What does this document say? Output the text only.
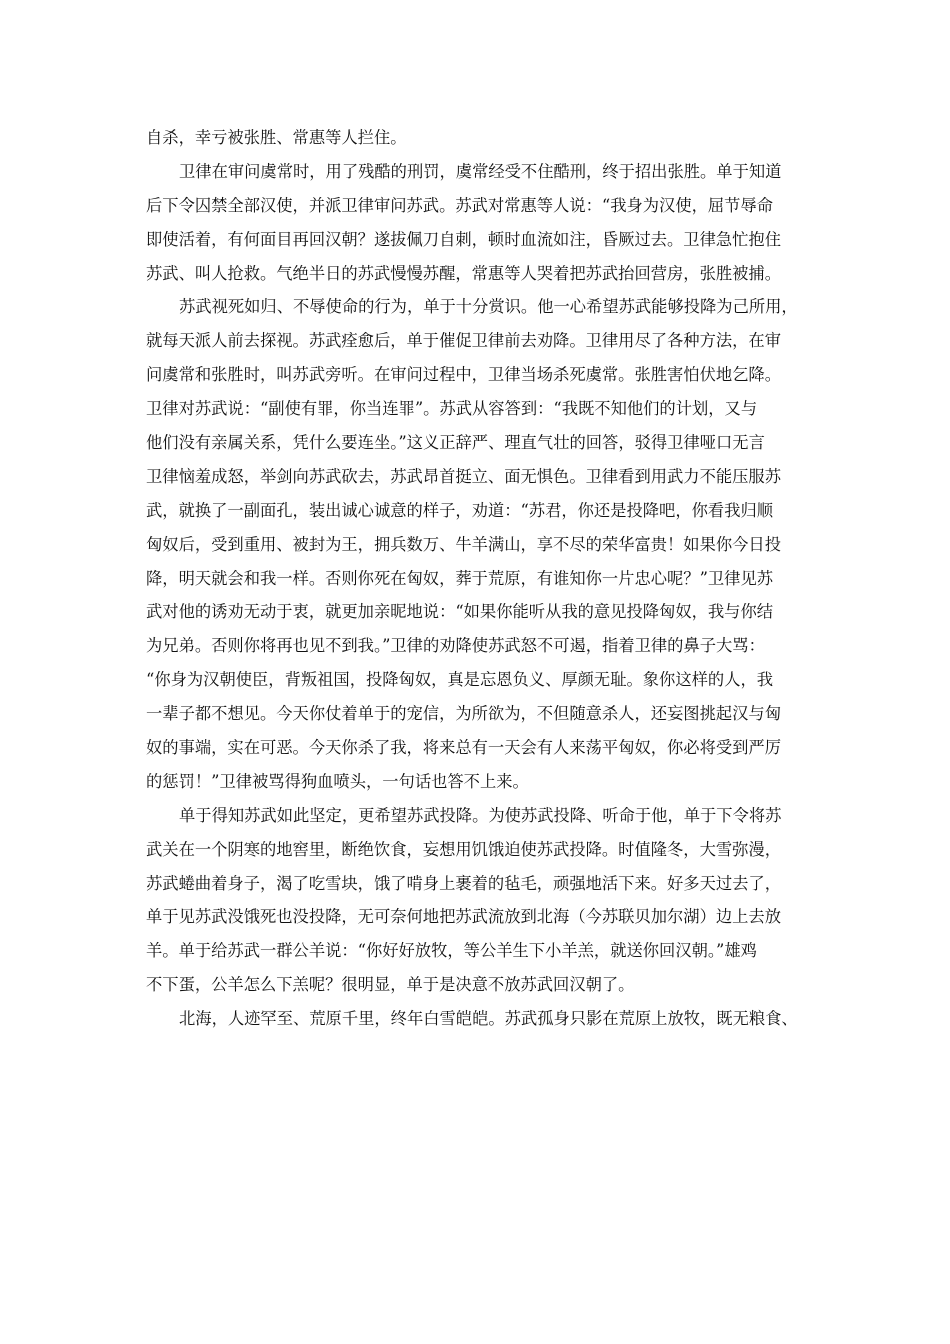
自杀，幸亏被张胜、常惠等人拦住。
卫律在审问虞常时，用了残酷的刑罚，虞常经受不住酷刑，终于招出张胜。单于知道
后下令囚禁全部汉使，并派卫律审问苏武。苏武对常惠等人说：“我身为汉使，屈节辱命
即使活着，有何面目再回汉朝？遂拔佩刀自刺，顿时血流如注，昏厥过去。卫律急忙抱住
苏武、叫人抢救。气绝半日的苏武慢慢苏醒，常惠等人哭着把苏武抬回营房，张胜被捕。
苏武视死如归、不辱使命的行为，单于十分赏识。他一心希望苏武能够投降为己所用，
就每天派人前去探视。苏武痊愈后，单于催促卫律前去劝降。卫律用尽了各种方法，在审
问虞常和张胜时，叫苏武旁听。在审问过程中，卫律当场杀死虞常。张胜害怕伏地乞降。
卫律对苏武说：“副使有罪，你当连罪”。苏武从容答到：“我既不知他们的计划，又与
他们没有亲属关系，凭什么要连坐。”这义正辞严、理直气壮的回答，驳得卫律哑口无言
卫律恼羞成怒，举剑向苏武砍去，苏武昂首挺立、面无惧色。卫律看到用武力不能压服苏
武，就换了一副面孔，装出诚心诚意的样子，劝道：“苏君，你还是投降吧，你看我归顺
匈奴后，受到重用、被封为王，拥兵数万、牛羊满山，享不尽的荣华富贵！如果你今日投
降，明天就会和我一样。否则你死在匈奴，葬于荒原，有谁知你一片忠心呢？”卫律见苏
武对他的诱劝无动于衷，就更加亲昵地说：“如果你能听从我的意见投降匈奴，我与你结
为兄弟。否则你将再也见不到我。”卫律的劝降使苏武怒不可遏，指着卫律的鼻子大骂：
“你身为汉朝使臣，背叛祖国，投降匈奴，真是忘恩负义、厚颜无耻。象你这样的人，我
一辈子都不想见。今天你仗着单于的宠信，为所欲为，不但随意杀人，还妄图挑起汉与匈
奴的事端，实在可恶。今天你杀了我，将来总有一天会有人来荡平匈奴，你必将受到严厉
的惩罚！”卫律被骂得狗血喷头，一句话也答不上来。
单于得知苏武如此坚定，更希望苏武投降。为使苏武投降、听命于他，单于下令将苏
武关在一个阴寒的地窖里，断绝饮食，妄想用饥饿迫使苏武投降。时值隆冬，大雪弥漫，
苏武蜷曲着身子，渴了吃雪块，饿了啃身上裹着的毡毛，顽强地活下来。好多天过去了，
单于见苏武没饿死也没投降，无可奈何地把苏武流放到北海（今苏联贝加尔湖）边上去放
羊。单于给苏武一群公羊说：“你好好放牧，等公羊生下小羊羔，就送你回汉朝。”雄鸡
不下蛋，公羊怎么下羔呢？很明显，单于是决意不放苏武回汉朝了。
北海，人迹罕至、荒原千里，终年白雪皑皑。苏武孤身只影在荒原上放牧，既无粮食、
